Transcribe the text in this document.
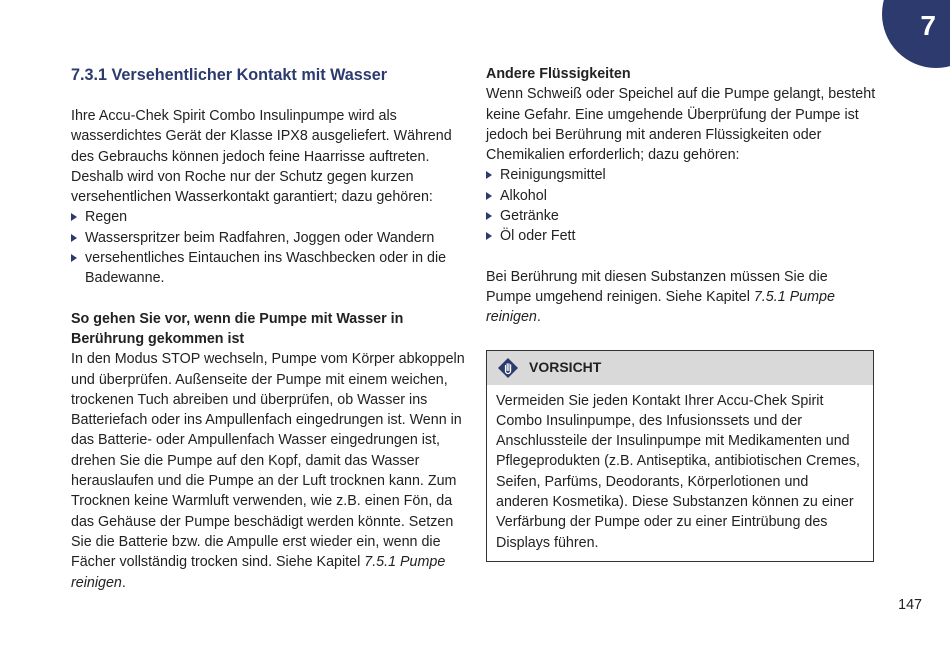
7
7.3.1 Versehentlicher Kontakt mit Wasser

Ihre Accu-Chek Spirit Combo Insulinpumpe wird als wasserdichtes Gerät der Klasse IPX8 ausgeliefert. Während des Gebrauchs können jedoch feine Haarrisse auftreten. Deshalb wird von Roche nur der Schutz gegen kurzen versehentlichen Wasserkontakt garantiert; dazu gehören:

Regen
Wasserspritzer beim Radfahren, Joggen oder Wandern
versehentliches Eintauchen ins Waschbecken oder in die Badewanne.

So gehen Sie vor, wenn die Pumpe mit Wasser in Berührung gekommen ist

In den Modus STOP wechseln, Pumpe vom Körper abkoppeln und überprüfen. Außenseite der Pumpe mit einem weichen, trockenen Tuch abreiben und überprüfen, ob Wasser ins Batteriefach oder ins Ampullenfach eingedrungen ist. Wenn in das Batterie- oder Ampullenfach Wasser eingedrungen ist, drehen Sie die Pumpe auf den Kopf, damit das Wasser herauslaufen und die Pumpe an der Luft trocknen kann. Zum Trocknen keine Warmluft verwenden, wie z.B. einen Fön, da das Gehäuse der Pumpe beschädigt werden könnte. Setzen Sie die Batterie bzw. die Ampulle erst wieder ein, wenn die Fächer vollständig trocken sind. Siehe Kapitel 7.5.1 Pumpe reinigen.

Andere Flüssigkeiten

Wenn Schweiß oder Speichel auf die Pumpe gelangt, besteht keine Gefahr. Eine umgehende Überprüfung der Pumpe ist jedoch bei Berührung mit anderen Flüssigkeiten oder Chemikalien erforderlich; dazu gehören:

Reinigungsmittel
Alkohol
Getränke
Öl oder Fett

Bei Berührung mit diesen Substanzen müssen Sie die Pumpe umgehend reinigen. Siehe Kapitel 7.5.1 Pumpe reinigen.

VORSICHT
Vermeiden Sie jeden Kontakt Ihrer Accu-Chek Spirit Combo Insulinpumpe, des Infusionssets und der Anschlussteile der Insulinpumpe mit Medikamenten und Pflegeprodukten (z.B. Antiseptika, antibiotischen Cremes, Seifen, Parfüms, Deodorants, Körperlotionen und anderen Kosmetika). Diese Substanzen können zu einer Verfärbung der Pumpe oder zu einer Eintrübung des Displays führen.
147
